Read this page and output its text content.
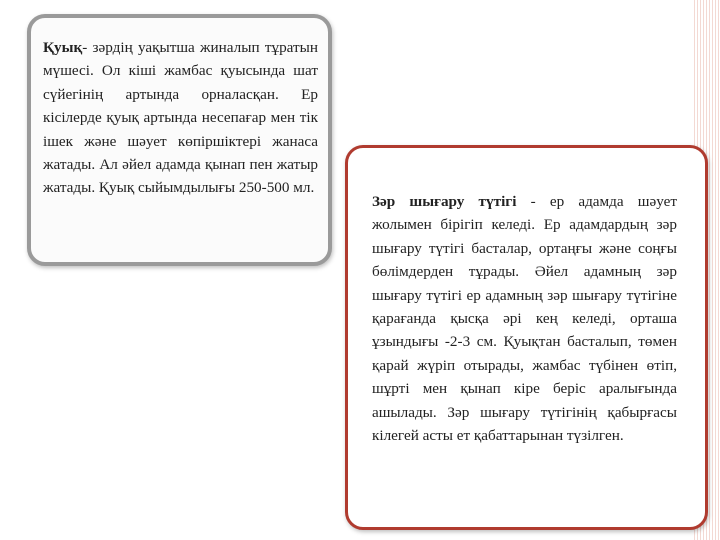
Қуық- зәрдің уақытша жиналып тұратын мүшесі. Ол кіші жамбас қуысында шат сүйегінің артында орналасқан. Ер кісілерде қуық артында несепағар мен тік ішек және шәует көпіршіктері жанаса жатады. Ал әйел адамда қынап пен жатыр жатады. Қуық сыйымдылығы 250-500 мл.

Зәр шығару түтігі - ер адамда шәует жолымен бірігіп келеді. Ер адамдардың зәр шығару түтігі басталар, ортаңғы және соңғы бөлімдерден тұрады. Әйел адамның зәр шығару түтігі ер адамның зәр шығару түтігіне қарағанда қысқа әрі кең келеді, орташа ұзындығы -2-3 см. Қуықтан басталып, төмен қарай жүріп отырады, жамбас түбінен өтіп, шұрті мен қынап кіре беріс аралығында ашылады. Зәр шығару түтігінің қабырғасы кілегей асты ет қабаттарынан түзілген.
